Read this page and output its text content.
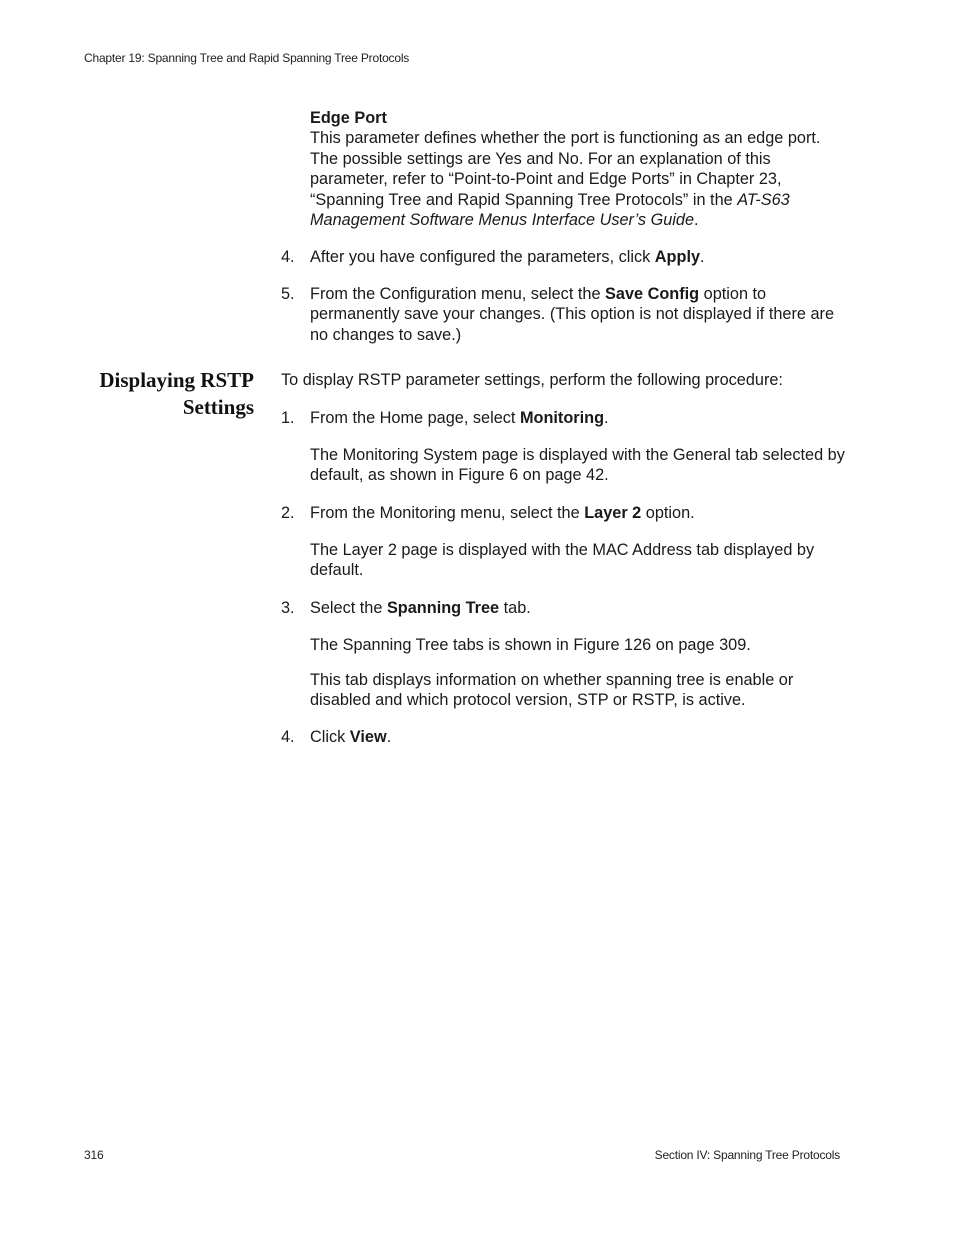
Chapter 19: Spanning Tree and Rapid Spanning Tree Protocols
Edge Port
This parameter defines whether the port is functioning as an edge port. The possible settings are Yes and No. For an explanation of this parameter, refer to “Point-to-Point and Edge Ports” in Chapter 23, “Spanning Tree and Rapid Spanning Tree Protocols” in the AT-S63 Management Software Menus Interface User’s Guide.
4. After you have configured the parameters, click Apply.
5. From the Configuration menu, select the Save Config option to permanently save your changes. (This option is not displayed if there are no changes to save.)
Displaying RSTP
Settings
To display RSTP parameter settings, perform the following procedure:
1. From the Home page, select Monitoring.
The Monitoring System page is displayed with the General tab selected by default, as shown in Figure 6 on page 42.
2. From the Monitoring menu, select the Layer 2 option.
The Layer 2 page is displayed with the MAC Address tab displayed by default.
3. Select the Spanning Tree tab.
The Spanning Tree tabs is shown in Figure 126 on page 309.
This tab displays information on whether spanning tree is enable or disabled and which protocol version, STP or RSTP, is active.
4. Click View.
316	Section IV: Spanning Tree Protocols
